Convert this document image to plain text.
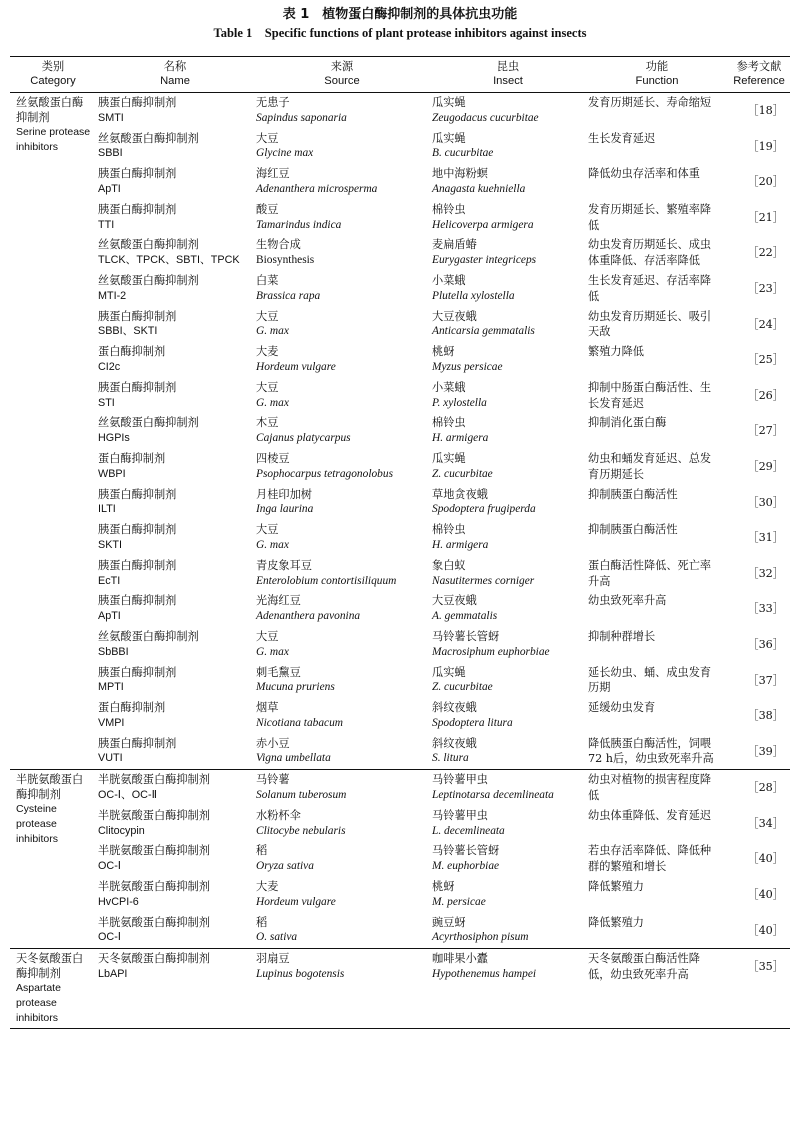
表 1　植物蛋白酶抑制剂的具体抗虫功能
Table 1　Specific functions of plant protease inhibitors against insects
类别
Category	名称
Name	来源
Source	昆虫
Insect	功能
Function	参考文献
Reference

丝氨酸蛋白酶抑制剂
Serine protease inhibitors	胰蛋白酶抑制剂
SMTI	无患子
Sapindus saponaria	瓜实蝇
Zeugodacus cucurbitae	发育历期延长、寿命缩短	［18］

	丝氨酸蛋白酶抑制剂
SBBI	大豆
Glycine max	瓜实蝇
B. cucurbitae	生长发育延迟	［19］

	胰蛋白酶抑制剂
ApTI	海红豆
Adenanthera microsperma	地中海粉螟
Anagasta kuehniella	降低幼虫存活率和体重	［20］

	胰蛋白酶抑制剂
TTI	酸豆
Tamarindus indica	棉铃虫
Helicoverpa armigera	发育历期延长、繁殖率降低	［21］

	丝氨酸蛋白酶抑制剂
TLCK、TPCK、SBTI、TPCK	生物合成
Biosynthesis	麦扁盾蝽
Eurygaster integriceps	幼虫发育历期延长、成虫体重降低、存活率降低	［22］

	丝氨酸蛋白酶抑制剂
MTI-2	白菜
Brassica rapa	小菜蛾
Plutella xylostella	生长发育延迟、存活率降低	［23］

	胰蛋白酶抑制剂
SBBI、SKTI	大豆
G. max	大豆夜蛾
Anticarsia gemmatalis	幼虫发育历期延长、吸引天敌	［24］

	蛋白酶抑制剂
CI2c	大麦
Hordeum vulgare	桃蚜
Myzus persicae	繁殖力降低	［25］

	胰蛋白酶抑制剂
STI	大豆
G. max	小菜蛾
P. xylostella	抑制中肠蛋白酶活性、生长发育延迟	［26］

	丝氨酸蛋白酶抑制剂
HGPIs	木豆
Cajanus platycarpus	棉铃虫
H. armigera	抑制消化蛋白酶	［27］

	蛋白酶抑制剂
WBPI	四棱豆
Psophocarpus tetragonolobus	瓜实蝇
Z. cucurbitae	幼虫和蛹发育延迟、总发育历期延长	［29］

	胰蛋白酶抑制剂
ILTI	月桂印加树
Inga laurina	草地贪夜蛾
Spodoptera frugiperda	抑制胰蛋白酶活性	［30］

	胰蛋白酶抑制剂
SKTI	大豆
G. max	棉铃虫
H. armigera	抑制胰蛋白酶活性	［31］

	胰蛋白酶抑制剂
EcTI	青皮象耳豆
Enterolobium contortisiliquum	象白蚁
Nasutitermes corniger	蛋白酶活性降低、死亡率升高	［32］

	胰蛋白酶抑制剂
ApTI	光海红豆
Adenanthera pavonina	大豆夜蛾
A. gemmatalis	幼虫致死率升高	［33］

	丝氨酸蛋白酶抑制剂
SbBBI	大豆
G. max	马铃薯长管蚜
Macrosiphum euphorbiae	抑制种群增长	［36］

	胰蛋白酶抑制剂
MPTI	刺毛黧豆
Mucuna pruriens	瓜实蝇
Z. cucurbitae	延长幼虫、蛹、成虫发育历期	［37］

	蛋白酶抑制剂
VMPI	烟草
Nicotiana tabacum	斜纹夜蛾
Spodoptera litura	延缓幼虫发育	［38］

	胰蛋白酶抑制剂
VUTI	赤小豆
Vigna umbellata	斜纹夜蛾
S. litura	降低胰蛋白酶活性，饲喂72 h后，幼虫致死率升高	［39］

半胱氨酸蛋白酶抑制剂
Cysteine protease inhibitors	半胱氨酸蛋白酶抑制剂
OC-Ⅰ、OC-Ⅱ	马铃薯
Solanum tuberosum	马铃薯甲虫
Leptinotarsa decemlineata	幼虫对植物的损害程度降低	［28］

	半胱氨酸蛋白酶抑制剂
Clitocypin	水粉杯伞
Clitocybe nebularis	马铃薯甲虫
L. decemlineata	幼虫体重降低、发育延迟	［34］

	半胱氨酸蛋白酶抑制剂
OC-Ⅰ	稻
Oryza sativa	马铃薯长管蚜
M. euphorbiae	若虫存活率降低、降低种群的繁殖和增长	［40］

	半胱氨酸蛋白酶抑制剂
HvCPI-6	大麦
Hordeum vulgare	桃蚜
M. persicae	降低繁殖力	［40］

	半胱氨酸蛋白酶抑制剂
OC-Ⅰ	稻
O. sativa	豌豆蚜
Acyrthosiphon pisum	降低繁殖力	［40］

天冬氨酸蛋白酶抑制剂
Aspartate protease inhibitors	天冬氨酸蛋白酶抑制剂
LbAPI	羽扇豆
Lupinus bogotensis	咖啡果小蠹
Hypothenemus hampei	天冬氨酸蛋白酶活性降低，幼虫致死率升高	［35］
